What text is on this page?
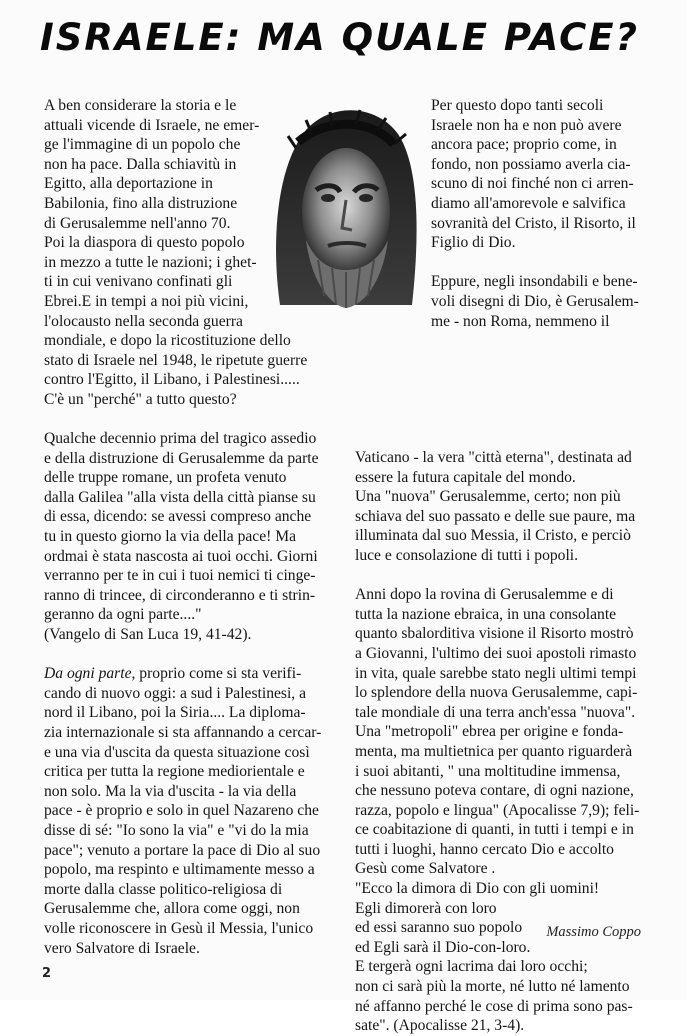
ISRAELE: MA QUALE PACE?

A ben considerare la storia e le
attuali vicende di Israele, ne emer-
ge l'immagine di un popolo che
non ha pace. Dalla schiavitù in
Egitto, alla deportazione in
Babilonia, fino alla distruzione
di Gerusalemme nell'anno 70.
Poi la diaspora di questo popolo
in mezzo a tutte le nazioni; i ghet-
ti in cui venivano confinati gli
Ebrei.E in tempi a noi più vicini,
l'olocausto nella seconda guerra
mondiale, e dopo la ricostituzione dello
stato di Israele nel 1948, le ripetute guerre
contro l'Egitto, il Libano, i Palestinesi.....
C'è un "perché" a tutto questo?

Qualche decennio prima del tragico assedio
e della distruzione di Gerusalemme da parte
delle truppe romane, un profeta venuto
dalla Galilea "alla vista della città pianse su
di essa, dicendo: se avessi compreso anche
tu in questo giorno la via della pace! Ma
ordmai è stata nascosta ai tuoi occhi. Giorni
verranno per te in cui i tuoi nemici ti cinge-
ranno di trincee, di circonderanno e ti strin-
geranno da ogni parte...."
(Vangelo di San Luca 19, 41-42).

Da ogni parte, proprio come si sta verifi-
cando di nuovo oggi: a sud i Palestinesi, a
nord il Libano, poi la Siria.... La diploma-
zia internazionale si sta affannando a cercar-
e una via d'uscita da questa situazione così
critica per tutta la regione mediorientale e
non solo. Ma la via d'uscita - la via della
pace - è proprio e solo in quel Nazareno che
disse di sé: "Io sono la via" e "vi do la mia
pace"; venuto a portare la pace di Dio al suo
popolo, ma respinto e ultimamente messo a
morte dalla classe politico-religiosa di
Gerusalemme che, allora come oggi, non
volle riconoscere in Gesù il Messia, l'unico
vero Salvatore di Israele.

Per questo dopo tanti secoli
Israele non ha e non può avere
ancora pace; proprio come, in
fondo, non possiamo averla cia-
scuno di noi finché non ci arren-
diamo all'amorevole e salvifica
sovranità del Cristo, il Risorto, il
Figlio di Dio.

Eppure, negli insondabili e bene-
voli disegni di Dio, è Gerusalem-
me - non Roma, nemmeno il

Vaticano - la vera "città eterna", destinata ad
essere la futura capitale del mondo.
Una "nuova" Gerusalemme, certo; non più
schiava del suo passato e delle sue paure, ma
illuminata dal suo Messia, il Cristo, e perciò
luce e consolazione di tutti i popoli.

Anni dopo la rovina di Gerusalemme e di
tutta la nazione ebraica, in una consolante
quanto sbalorditiva visione il Risorto mostrò
a Giovanni, l'ultimo dei suoi apostoli rimasto
in vita, quale sarebbe stato negli ultimi tempi
lo splendore della nuova Gerusalemme, capi-
tale mondiale di una terra anch'essa "nuova".
Una "metropoli" ebrea per origine e fonda-
menta, ma multietnica per quanto riguarderà
i suoi abitanti, " una moltitudine immensa,
che nessuno poteva contare, di ogni nazione,
razza, popolo e lingua" (Apocalisse 7,9); feli-
ce coabitazione di quanti, in tutti i tempi e in
tutti i luoghi, hanno cercato Dio e accolto
Gesù come Salvatore .
"Ecco la dimora di Dio con gli uomini!
Egli dimorerà con loro
ed essi saranno suo popolo
ed Egli sarà il Dio-con-loro.
E tergerà ogni lacrima dai loro occhi;
non ci sarà più la morte, né lutto né lamento
né affanno perché le cose di prima sono pas-
sate". (Apocalisse 21, 3-4).

Massimo Coppo
2
